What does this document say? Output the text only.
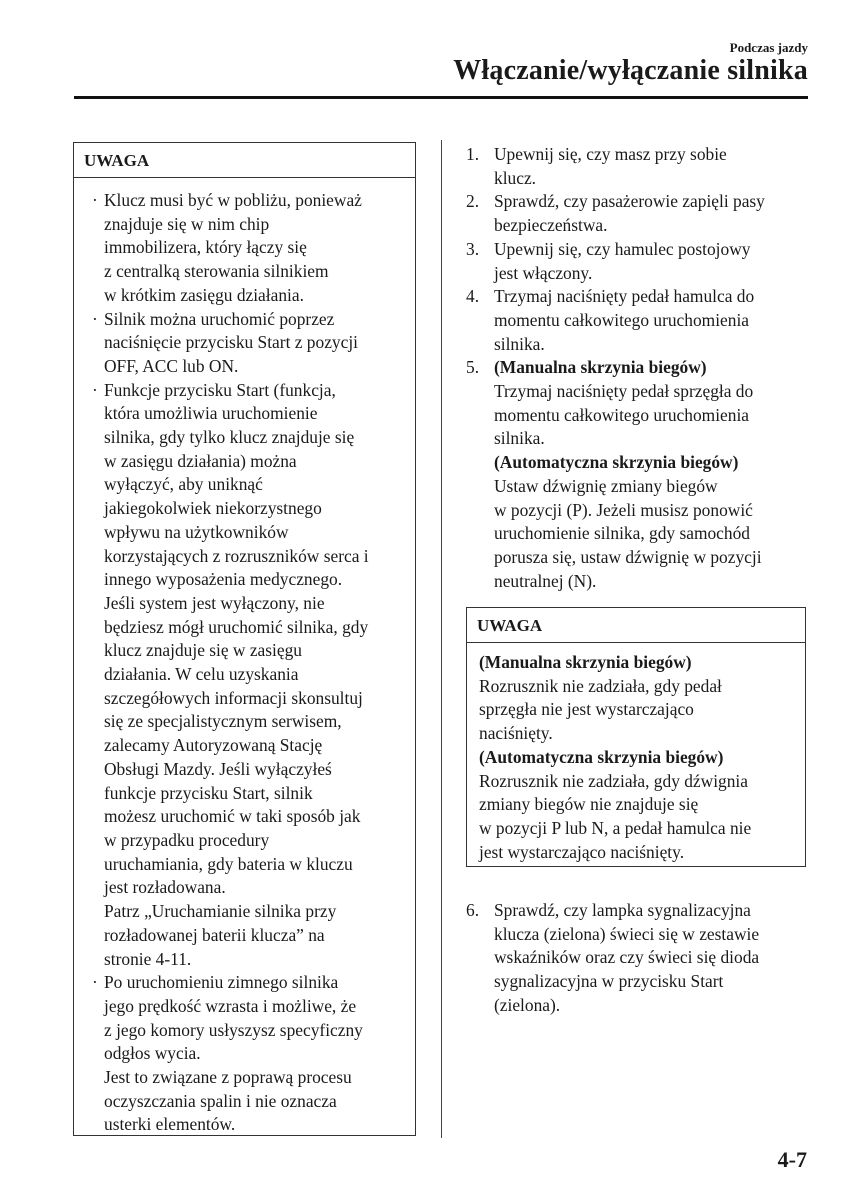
Podczas jazdy
Włączanie/wyłączanie silnika
UWAGA
· Klucz musi być w pobliżu, ponieważ

znajduje się w nim chip

immobilizera, który łączy się

z centralką sterowania silnikiem

w krótkim zasięgu działania.

· Silnik można uruchomić poprzez

naciśnięcie przycisku Start z pozycji

OFF, ACC lub ON.

· Funkcje przycisku Start (funkcja,

która umożliwia uruchomienie

silnika, gdy tylko klucz znajduje się

w zasięgu działania) można

wyłączyć, aby uniknąć

jakiegokolwiek niekorzystnego

wpływu na użytkowników

korzystających z rozruszników serca i

innego wyposażenia medycznego.

Jeśli system jest wyłączony, nie

będziesz mógł uruchomić silnika, gdy

klucz znajduje się w zasięgu

działania. W celu uzyskania

szczegółowych informacji skonsultuj

się ze specjalistycznym serwisem,

zalecamy Autoryzowaną Stację

Obsługi Mazdy. Jeśli wyłączyłeś

funkcje przycisku Start, silnik

możesz uruchomić w taki sposób jak

w przypadku procedury

uruchamiania, gdy bateria w kluczu

jest rozładowana.

Patrz „Uruchamianie silnika przy

rozładowanej baterii klucza” na

stronie 4-11.

· Po uruchomieniu zimnego silnika

jego prędkość wzrasta i możliwe, że

z jego komory usłyszysz specyficzny

odgłos wycia.

Jest to związane z poprawą procesu

oczyszczania spalin i nie oznacza

usterki elementów.

1. Upewnij się, czy masz przy sobie

klucz.

2. Sprawdź, czy pasażerowie zapięli pasy

bezpieczeństwa.

3. Upewnij się, czy hamulec postojowy

jest włączony.

4. Trzymaj naciśnięty pedał hamulca do

momentu całkowitego uruchomienia

silnika.

5. (Manualna skrzynia biegów)

Trzymaj naciśnięty pedał sprzęgła do

momentu całkowitego uruchomienia

silnika.

(Automatyczna skrzynia biegów)

Ustaw dźwignię zmiany biegów

w pozycji (P). Jeżeli musisz ponowić

uruchomienie silnika, gdy samochód

porusza się, ustaw dźwignię w pozycji

neutralnej (N).

UWAGA

(Manualna skrzynia biegów)

Rozrusznik nie zadziała, gdy pedał

sprzęgła nie jest wystarczająco

naciśnięty.

(Automatyczna skrzynia biegów)

Rozrusznik nie zadziała, gdy dźwignia

zmiany biegów nie znajduje się

w pozycji P lub N, a pedał hamulca nie

jest wystarczająco naciśnięty.

6. Sprawdź, czy lampka sygnalizacyjna

klucza (zielona) świeci się w zestawie

wskaźników oraz czy świeci się dioda

sygnalizacyjna w przycisku Start

(zielona).

4-7
